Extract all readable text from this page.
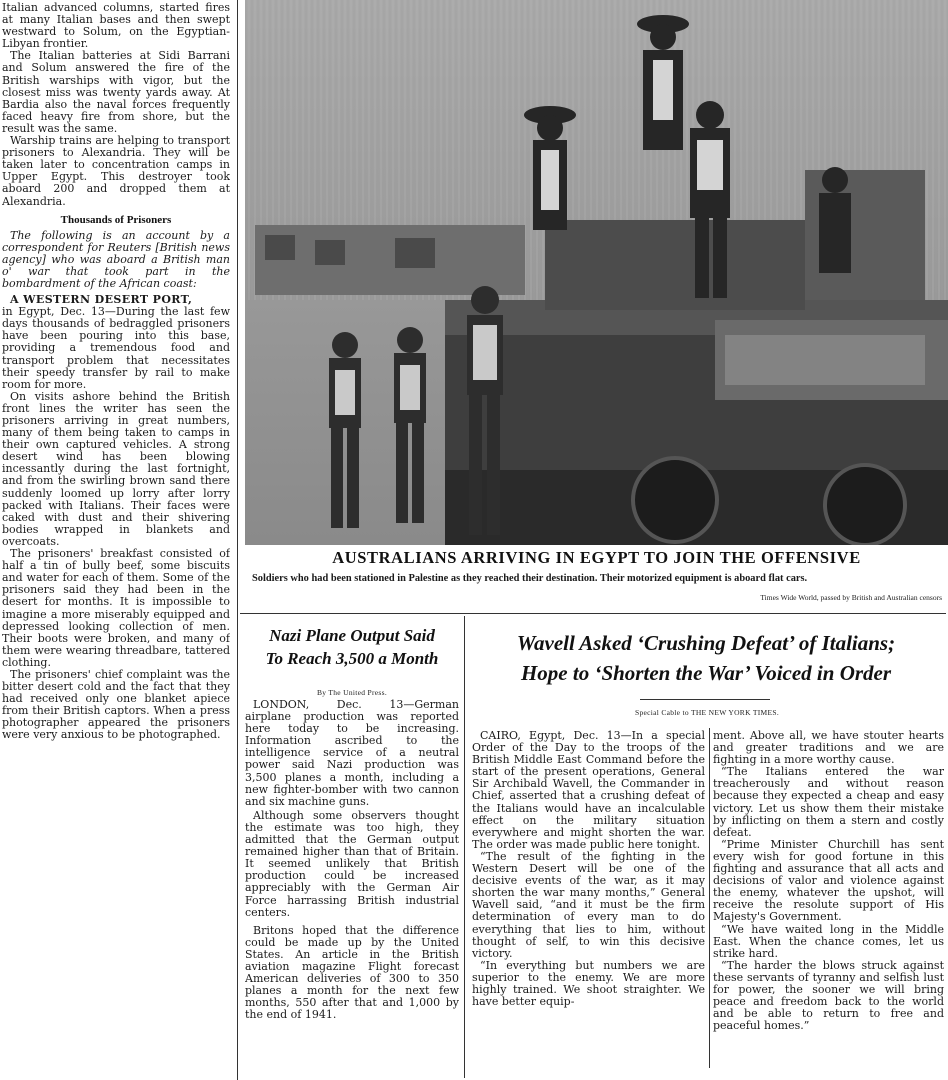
Italian advanced columns, started fires at many Italian bases and then swept westward to Solum, on the Egyptian-Libyan frontier.

The Italian batteries at Sidi Barrani and Solum answered the fire of the British warships with vigor, but the closest miss was twenty yards away. At Bardia also the naval forces frequently faced heavy fire from shore, but the result was the same.

Warship trains are helping to transport prisoners to Alexandria. They will be taken later to concentration camps in Upper Egypt. This destroyer took aboard 200 and dropped them at Alexandria.

Thousands of Prisoners

The following is an account by a correspondent for Reuters [British news agency] who was aboard a British man o' war that took part in the bombardment of the African coast:

A WESTERN DESERT PORT,

in Egypt, Dec. 13—During the last few days thousands of bedraggled prisoners have been pouring into this base, providing a tremendous food and transport problem that necessitates their speedy transfer by rail to make room for more.

On visits ashore behind the British front lines the writer has seen the prisoners arriving in great numbers, many of them being taken to camps in their own captured vehicles. A strong desert wind has been blowing incessantly during the last fortnight, and from the swirling brown sand there suddenly loomed up lorry after lorry packed with Italians. Their faces were caked with dust and their shivering bodies wrapped in blankets and overcoats.

The prisoners' breakfast consisted of half a tin of bully beef, some biscuits and water for each of them. Some of the prisoners said they had been in the desert for months. It is impossible to imagine a more miserably equipped and depressed looking collection of men. Their boots were broken, and many of them were wearing threadbare, tattered clothing.

The prisoners' chief complaint was the bitter desert cold and the fact that they had received only one blanket apiece from their British captors. When a press photographer appeared the prisoners were very anxious to be photographed.

AUSTRALIANS ARRIVING IN EGYPT TO JOIN THE OFFENSIVE

Soldiers who had been stationed in Palestine as they reached their destination. Their motorized equipment is aboard flat cars.

Times Wide World, passed by British and Australian censors

Nazi Plane Output Said
To Reach 3,500 a Month
By The United Press.

LONDON, Dec. 13—German airplane production was reported here today to be increasing. Information ascribed to the intelligence service of a neutral power said Nazi production was 3,500 planes a month, including a new fighter-bomber with two cannon and six machine guns.

Although some observers thought the estimate was too high, they admitted that the German output remained higher than that of Britain. It seemed unlikely that British production could be increased appreciably with the German Air Force harrassing British industrial centers.

Britons hoped that the difference could be made up by the United States. An article in the British aviation magazine Flight forecast American deliveries of 300 to 350 planes a month for the next few months, 550 after that and 1,000 by the end of 1941.

Wavell Asked ‘Crushing Defeat’ of Italians;
Hope to ‘Shorten the War’ Voiced in Order
Special Cable to THE NEW YORK TIMES.

CAIRO, Egypt, Dec. 13—In a special Order of the Day to the troops of the British Middle East Command before the start of the present operations, General Sir Archibald Wavell, the Commander in Chief, asserted that a crushing defeat of the Italians would have an incalculable effect on the military situation everywhere and might shorten the war. The order was made public here tonight.

“The result of the fighting in the Western Desert will be one of the decisive events of the war, as it may shorten the war many months,” General Wavell said, “and it must be the firm determination of every man to do everything that lies to him, without thought of self, to win this decisive victory.

“In everything but numbers we are superior to the enemy. We are more highly trained. We shoot straighter. We have better equip-

ment. Above all, we have stouter hearts and greater traditions and we are fighting in a more worthy cause.

“The Italians entered the war treacherously and without reason because they expected a cheap and easy victory. Let us show them their mistake by inflicting on them a stern and costly defeat.

“Prime Minister Churchill has sent every wish for good fortune in this fighting and assurance that all acts and decisions of valor and violence against the enemy, whatever the upshot, will receive the resolute support of His Majesty's Government.

“We have waited long in the Middle East. When the chance comes, let us strike hard.

“The harder the blows struck against these servants of tyranny and selfish lust for power, the sooner we will bring peace and freedom back to the world and be able to return to free and peaceful homes.”
